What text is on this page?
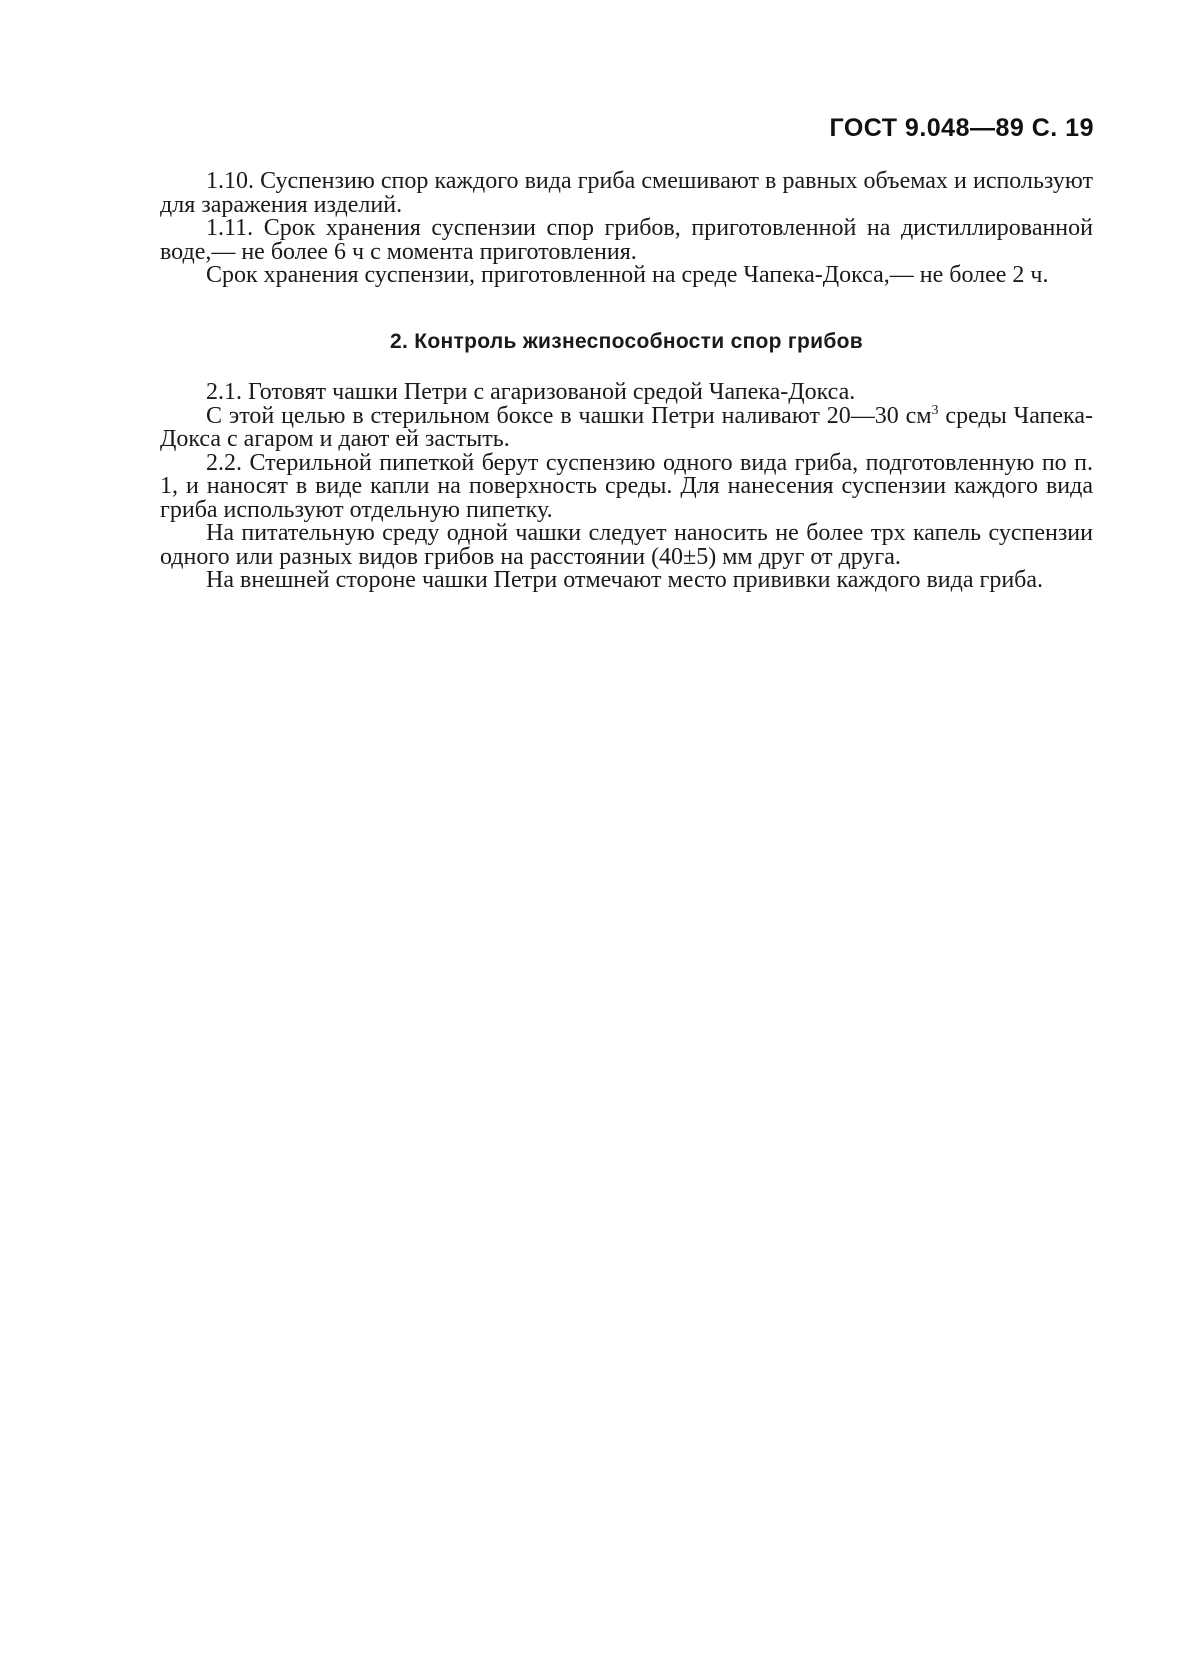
ГОСТ 9.048—89 С. 19

1.10. Суспензию спор каждого вида гриба смешивают в равных объемах и используют для заражения изделий.

1.11. Срок хранения суспензии спор грибов, приготовленной на дистиллированной воде,— не более 6 ч с момента приготовления.

Срок хранения суспензии, приготовленной на среде Чапека-Докса,— не более 2 ч.

2. Контроль жизнеспособности спор грибов

2.1. Готовят чашки Петри с агаризованой средой Чапека-Докса.

С этой целью в стерильном боксе в чашки Петри наливают 20—30 $см^3$ среды Чапека-Докса с агаром и дают ей застыть.

2.2. Стерильной пипеткой берут суспензию одного вида гриба, подготовленную по п. 1, и наносят в виде капли на поверхность среды. Для нанесения суспензии каждого вида гриба используют отдельную пипетку.

На питательную среду одной чашки следует наносить не более трх капель суспензии одного или разных видов грибов на расстоянии (40±5) мм друг от друга.

На внешней стороне чашки Петри отмечают место прививки каждого вида гриба.
